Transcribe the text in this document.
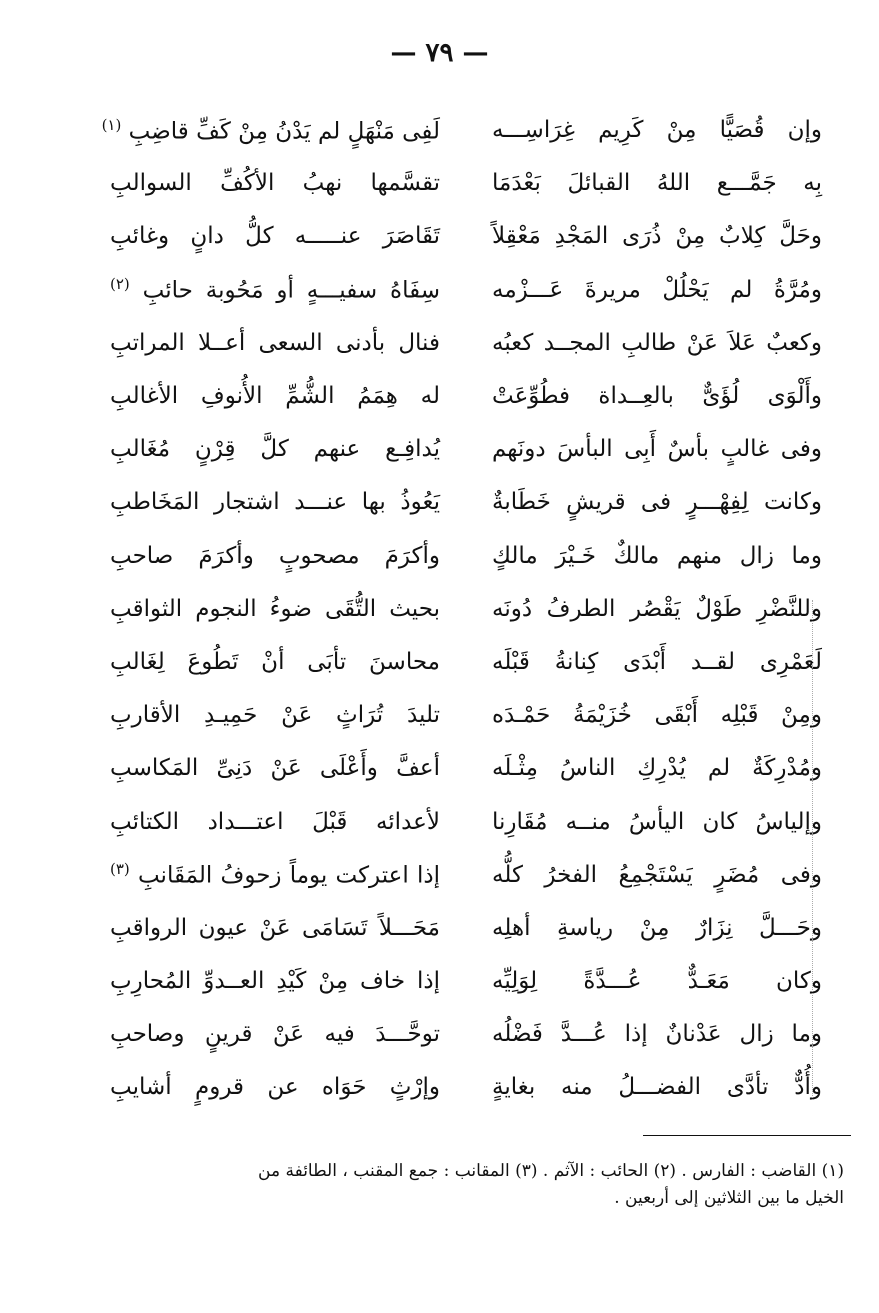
— ٧٩ —
وإن قُصَيًّا مِنْ كَرِيم غِرَاسِـــه
لَفِى مَنْهَلٍ لم يَدْنُ مِنْ كَفِّ قاضِبِ $^{(١)}$
بِه جَمَّـــع اللهُ القبائلَ بَعْدَمَا
تقسَّمها نهبُ الأكُفِّ السوالبِ
وحَلَّ كِلابٌ مِنْ ذُرَى المَجْدِ مَعْقِلاً
تَقَاصَرَ عنـــــه كلُّ دانٍ وغائبِ
ومُرَّةُ لم يَحْلُلْ مريرةَ عَـــزْمه
سِفَاهُ سفيـــهٍ أو مَحُوبة حائبِ $^{(٢)}$
وكعبٌ عَلاَ عَنْ طالبِ المجــد كعبُه
فنال بأدنى السعى أعــلا المراتبِ
وأَلْوَى لُؤَىٌّ بالعِــداة فطُوِّعَتْ
له هِمَمُ الشُّمِّ الأُنوفِ الأغالبِ
وفى غالبٍ بأسٌ أَبِى البأسَ دونَهم
يُدافِـع عنهم كلَّ قِرْنٍ مُغَالبِ
وكانت لِفِهْـــرٍ فى قريشٍ خَطَابةٌ
يَعُوذُ بها عنـــد اشتجار المَخَاطبِ
وما زال منهم مالكٌ خَـيْرَ مالكٍ
وأكرَمَ مصحوبٍ وأكرَمَ صاحبِ
وللنَّضْرِ طَوْلٌ يَقْصُر الطرفُ دُونَه
بحيث التُّقَى ضوءُ النجوم الثواقبِ
لَعَمْرِى لقــد أَبْدَى كِنانةُ قَبْلَه
محاسنَ تأبَى أنْ تَطُوعَ لِغَالبِ
ومِنْ قَبْلِه أَبْقَى خُزَيْمَةُ حَمْـدَه
تليدَ تُرَاثٍ عَنْ حَمِيـدِ الأقاربِ
ومُدْرِكَةٌ لم يُدْرِكِ الناسُ مِثْـلَه
أعفَّ وأَعْلَى عَنْ دَنِىِّ المَكاسبِ
وإلياسُ كان اليأسُ منــه مُقَارِنا
لأعدائه قَبْلَ اعتـــداد الكتائبِ
وفى مُضَرٍ يَسْتَجْمِعُ الفخرُ كلُّه
إذا اعتركت يوماً زحوفُ المَقَانبِ $^{(٣)}$
وحَـــلَّ نِزَارٌ مِنْ رياسةِ أهلِه
مَحَـــلاً تَسَامَى عَنْ عيون الرواقبِ
وكان مَعَـدٌّ عُـــدَّةً لِوَلِيِّه
إذا خاف مِنْ كَيْدِ العــدوِّ المُحارِبِ
وما زال عَدْنانٌ إذا عُـــدَّ فَضْلُه
توحَّـــدَ فيه عَنْ قرينٍ وصاحبِ
وأُدٌّ تأدَّى الفضـــلُ منه بغايةٍ
وإرْثٍ حَوَاه عن قرومٍ أشايبِ
(١) القاضب : الفارس . (٢) الحائب : الآثم . (٣) المقانب : جمع المقنب ، الطائفة من
الخيل ما بين الثلاثين إلى أربعين .
